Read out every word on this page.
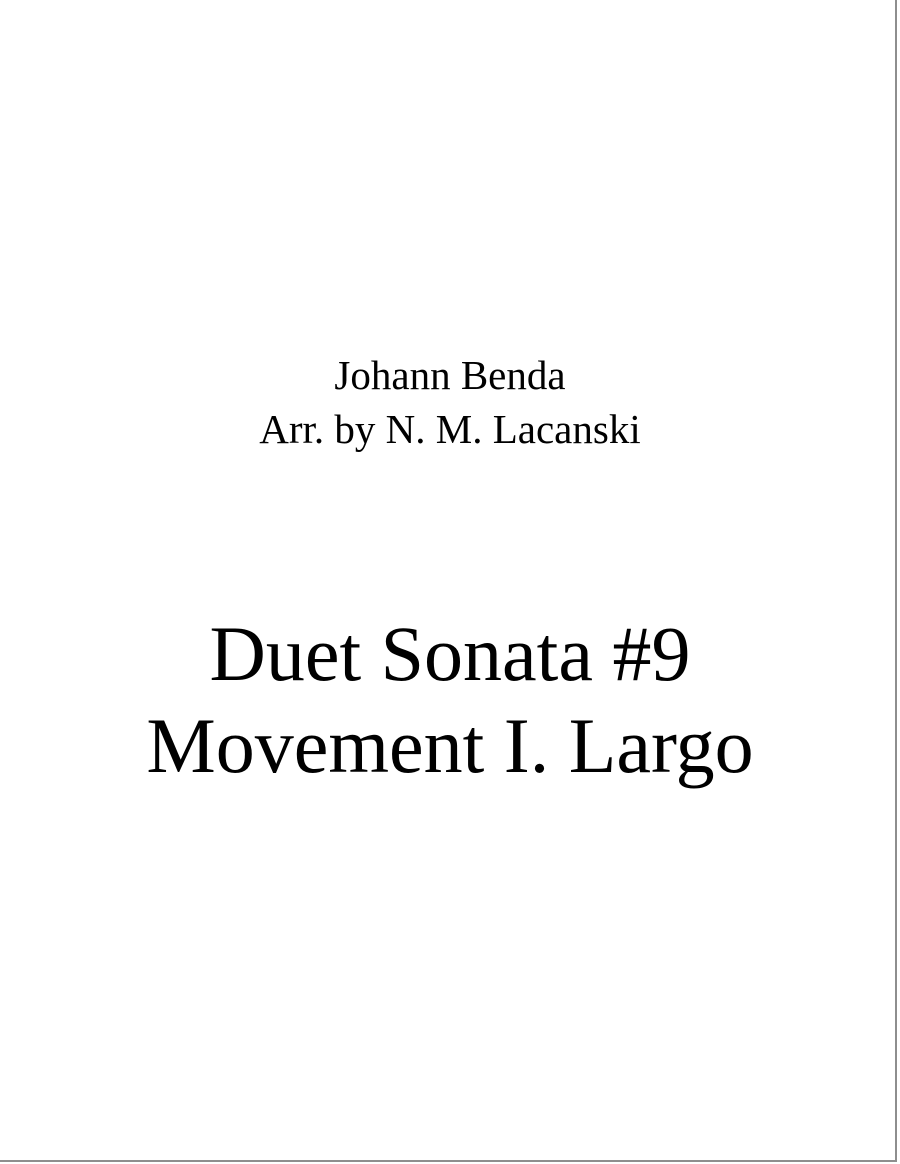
Johann Benda
Arr. by N. M. Lacanski
Duet Sonata #9
Movement I. Largo
